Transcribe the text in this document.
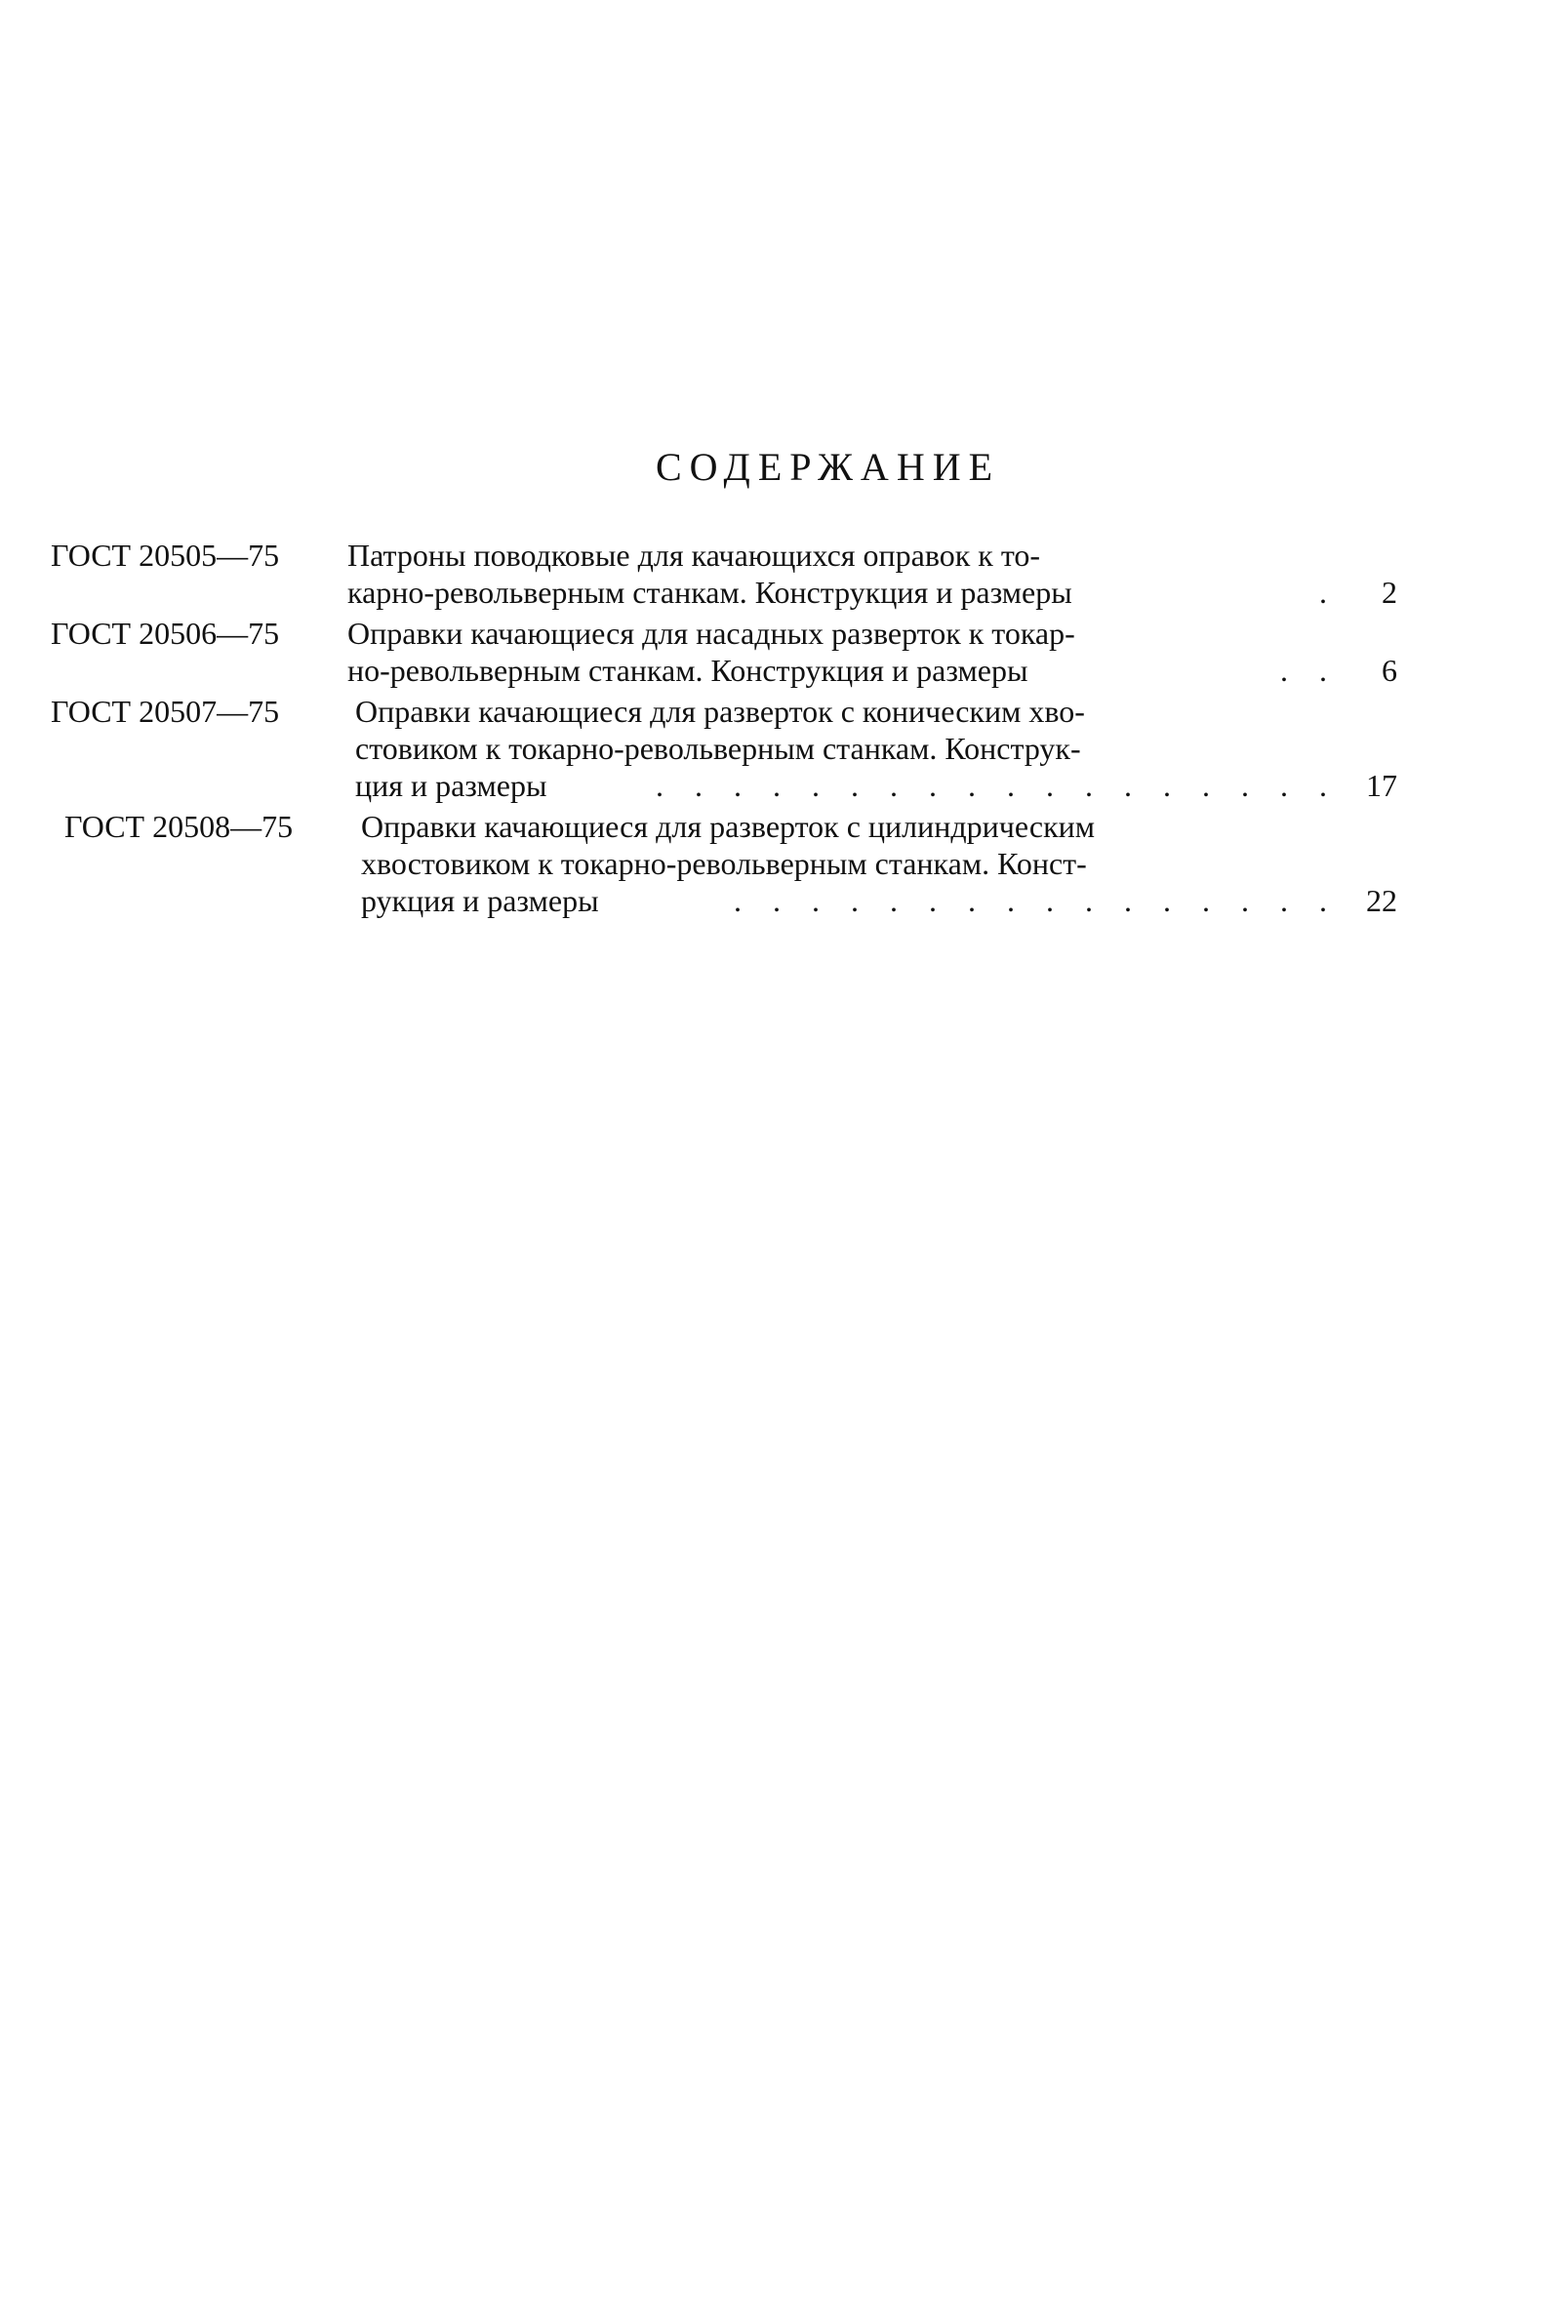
СОДЕРЖАНИЕ
ГОСТ 20505—75	Патроны поводковые для качающихся оправок к то-
карно-револьверным станкам. Конструкция и размеры	.	2
ГОСТ 20506—75	Оправки качающиеся для насадных разверток к токар-
но-револьверным станкам. Конструкция и размеры	. .	6
ГОСТ 20507—75	Оправки качающиеся для разверток с коническим хво-
стовиком к токарно-револьверным станкам. Конструк-
ция и размеры	. . . . . . . . . . . . . . . . . . 17
ГОСТ 20508—75	Оправки качающиеся для разверток с цилиндрическим
хвостовиком к токарно-револьверным станкам. Конст-
рукция и размеры	. . . . . . . . . . . . . . . . 22
